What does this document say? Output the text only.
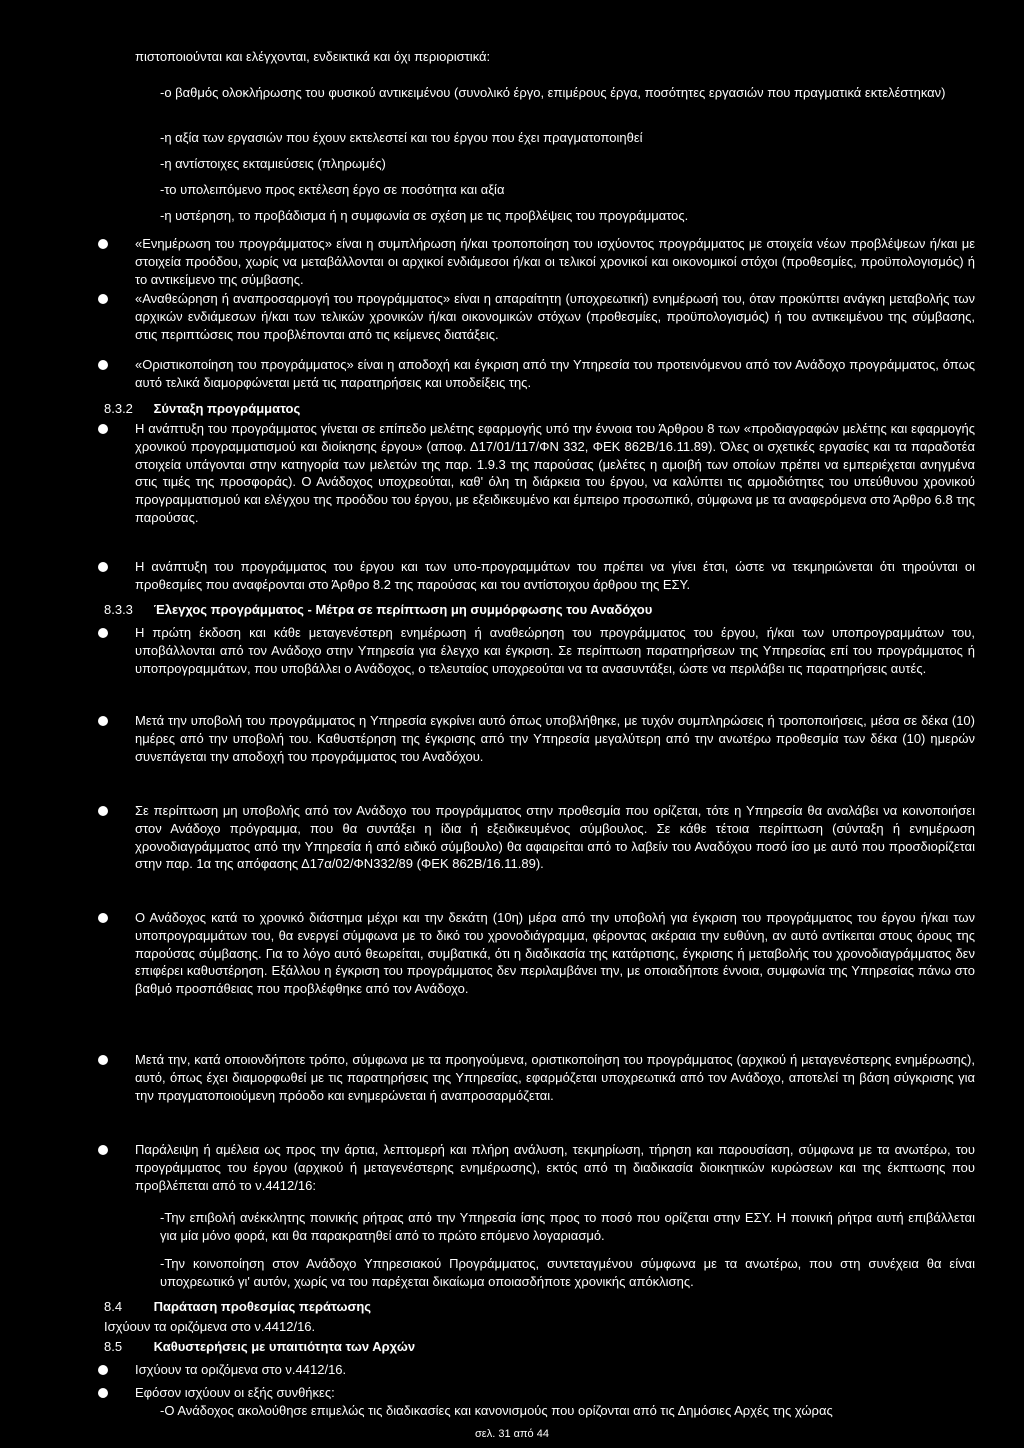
πιστοποιούνται και ελέγχονται, ενδεικτικά και όχι περιοριστικά:

-ο βαθμός ολοκλήρωσης του φυσικού αντικειμένου (συνολικό έργο, επιμέρους έργα, ποσότητες εργασιών που πραγματικά εκτελέστηκαν)

-η αξία των εργασιών που έχουν εκτελεστεί και του έργου που έχει πραγματοποιηθεί

-η αντίστοιχες εκταμιεύσεις (πληρωμές)

-το υπολειπόμενο προς εκτέλεση έργο σε ποσότητα και αξία

-η υστέρηση, το προβάδισμα ή η συμφωνία σε σχέση με τις προβλέψεις του προγράμματος.

«Ενημέρωση του προγράμματος» είναι η συμπλήρωση ή/και τροποποίηση του ισχύοντος προγράμματος με στοιχεία νέων προβλέψεων ή/και με στοιχεία προόδου, χωρίς να μεταβάλλονται οι αρχικοί ενδιάμεσοι ή/και οι τελικοί χρονικοί και οικονομικοί στόχοι (προθεσμίες, προϋπολογισμός) ή το αντικείμενο της σύμβασης.
«Αναθεώρηση ή αναπροσαρμογή του προγράμματος» είναι η απαραίτητη (υποχρεωτική) ενημέρωσή του, όταν προκύπτει ανάγκη μεταβολής των αρχικών ενδιάμεσων ή/και των τελικών χρονικών ή/και οικονομικών στόχων (προθεσμίες, προϋπολογισμός) ή του αντικειμένου της σύμβασης, στις περιπτώσεις που προβλέπονται από τις κείμενες διατάξεις.
«Οριστικοποίηση του προγράμματος» είναι η αποδοχή και έγκριση από την Υπηρεσία του προτεινόμενου από τον Ανάδοχο προγράμματος, όπως αυτό τελικά διαμορφώνεται μετά τις παρατηρήσεις και υποδείξεις της.
8.3.2 Σύνταξη προγράμματος
Η ανάπτυξη του προγράμματος γίνεται σε επίπεδο μελέτης εφαρμογής υπό την έννοια του Άρθρου 8 των «προδιαγραφών μελέτης και εφαρμογής χρονικού προγραμματισμού και διοίκησης έργου» (αποφ. Δ17/01/117/ΦΝ 332, ΦΕΚ 862Β/16.11.89). Όλες οι σχετικές εργασίες και τα παραδοτέα στοιχεία υπάγονται στην κατηγορία των μελετών της παρ. 1.9.3 της παρούσας (μελέτες η αμοιβή των οποίων πρέπει να εμπεριέχεται ανηγμένα στις τιμές της προσφοράς). Ο Ανάδοχος υποχρεούται, καθ' όλη τη διάρκεια του έργου, να καλύπτει τις αρμοδιότητες του υπεύθυνου χρονικού προγραμματισμού και ελέγχου της προόδου του έργου, με εξειδικευμένο και έμπειρο προσωπικό, σύμφωνα με τα αναφερόμενα στο Άρθρο 6.8 της παρούσας.
Η ανάπτυξη του προγράμματος του έργου και των υπο-προγραμμάτων του πρέπει να γίνει έτσι, ώστε να τεκμηριώνεται ότι τηρούνται οι προθεσμίες που αναφέρονται στο Άρθρο 8.2 της παρούσας και του αντίστοιχου άρθρου της ΕΣΥ.
8.3.3 Έλεγχος προγράμματος - Μέτρα σε περίπτωση μη συμμόρφωσης του Αναδόχου
Η πρώτη έκδοση και κάθε μεταγενέστερη ενημέρωση ή αναθεώρηση του προγράμματος του έργου, ή/και των υποπρογραμμάτων του, υποβάλλονται από τον Ανάδοχο στην Υπηρεσία για έλεγχο και έγκριση. Σε περίπτωση παρατηρήσεων της Υπηρεσίας επί του προγράμματος ή υποπρογραμμάτων, που υποβάλλει ο Ανάδοχος, ο τελευταίος υποχρεούται να τα ανασυντάξει, ώστε να περιλάβει τις παρατηρήσεις αυτές.
Μετά την υποβολή του προγράμματος η Υπηρεσία εγκρίνει αυτό όπως υποβλήθηκε, με τυχόν συμπληρώσεις ή τροποποιήσεις, μέσα σε δέκα (10) ημέρες από την υποβολή του. Καθυστέρηση της έγκρισης από την Υπηρεσία μεγαλύτερη από την ανωτέρω προθεσμία των δέκα (10) ημερών συνεπάγεται την αποδοχή του προγράμματος του Αναδόχου.
Σε περίπτωση μη υποβολής από τον Ανάδοχο του προγράμματος στην προθεσμία που ορίζεται, τότε η Υπηρεσία θα αναλάβει να κοινοποιήσει στον Ανάδοχο πρόγραμμα, που θα συντάξει η ίδια ή εξειδικευμένος σύμβουλος. Σε κάθε τέτοια περίπτωση (σύνταξη ή ενημέρωση χρονοδιαγράμματος από την Υπηρεσία ή από ειδικό σύμβουλο) θα αφαιρείται από το λαβείν του Αναδόχου ποσό ίσο με αυτό που προσδιορίζεται στην παρ. 1α της απόφασης Δ17α/02/ΦΝ332/89 (ΦΕΚ 862Β/16.11.89).
Ο Ανάδοχος κατά το χρονικό διάστημα μέχρι και την δεκάτη (10η) μέρα από την υποβολή για έγκριση του προγράμματος του έργου ή/και των υποπρογραμμάτων του, θα ενεργεί σύμφωνα με το δικό του χρονοδιάγραμμα, φέροντας ακέραια την ευθύνη, αν αυτό αντίκειται στους όρους της παρούσας σύμβασης. Για το λόγο αυτό θεωρείται, συμβατικά, ότι η διαδικασία της κατάρτισης, έγκρισης ή μεταβολής του χρονοδιαγράμματος δεν επιφέρει καθυστέρηση. Εξάλλου η έγκριση του προγράμματος δεν περιλαμβάνει την, με οποιαδήποτε έννοια, συμφωνία της Υπηρεσίας πάνω στο βαθμό προσπάθειας που προβλέφθηκε από τον Ανάδοχο.
Μετά την, κατά οποιονδήποτε τρόπο, σύμφωνα με τα προηγούμενα, οριστικοποίηση του προγράμματος (αρχικού ή μεταγενέστερης ενημέρωσης), αυτό, όπως έχει διαμορφωθεί με τις παρατηρήσεις της Υπηρεσίας, εφαρμόζεται υποχρεωτικά από τον Ανάδοχο, αποτελεί τη βάση σύγκρισης για την πραγματοποιούμενη πρόοδο και ενημερώνεται ή αναπροσαρμόζεται.
Παράλειψη ή αμέλεια ως προς την άρτια, λεπτομερή και πλήρη ανάλυση, τεκμηρίωση, τήρηση και παρουσίαση, σύμφωνα με τα ανωτέρω, του προγράμματος του έργου (αρχικού ή μεταγενέστερης ενημέρωσης), εκτός από τη διαδικασία διοικητικών κυρώσεων και της έκπτωσης που προβλέπεται από το ν.4412/16:

-Την επιβολή ανέκκλητης ποινικής ρήτρας από την Υπηρεσία ίσης προς το ποσό που ορίζεται στην ΕΣΥ. Η ποινική ρήτρα αυτή επιβάλλεται για μία μόνο φορά, και θα παρακρατηθεί από το πρώτο επόμενο λογαριασμό.

-Την κοινοποίηση στον Ανάδοχο Υπηρεσιακού Προγράμματος, συντεταγμένου σύμφωνα με τα ανωτέρω, που στη συνέχεια θα είναι υποχρεωτικό γι' αυτόν, χωρίς να του παρέχεται δικαίωμα οποιασδήποτε χρονικής απόκλισης.

8.4 Παράταση προθεσμίας περάτωσης

Ισχύουν τα οριζόμενα στο ν.4412/16.

8.5 Καθυστερήσεις με υπαιτιότητα των Αρχών
Ισχύουν τα οριζόμενα στο ν.4412/16.
Εφόσον ισχύουν οι εξής συνθήκες:

-Ο Ανάδοχος ακολούθησε επιμελώς τις διαδικασίες και κανονισμούς που ορίζονται από τις Δημόσιες Αρχές της χώρας

σελ. 31 από 44
